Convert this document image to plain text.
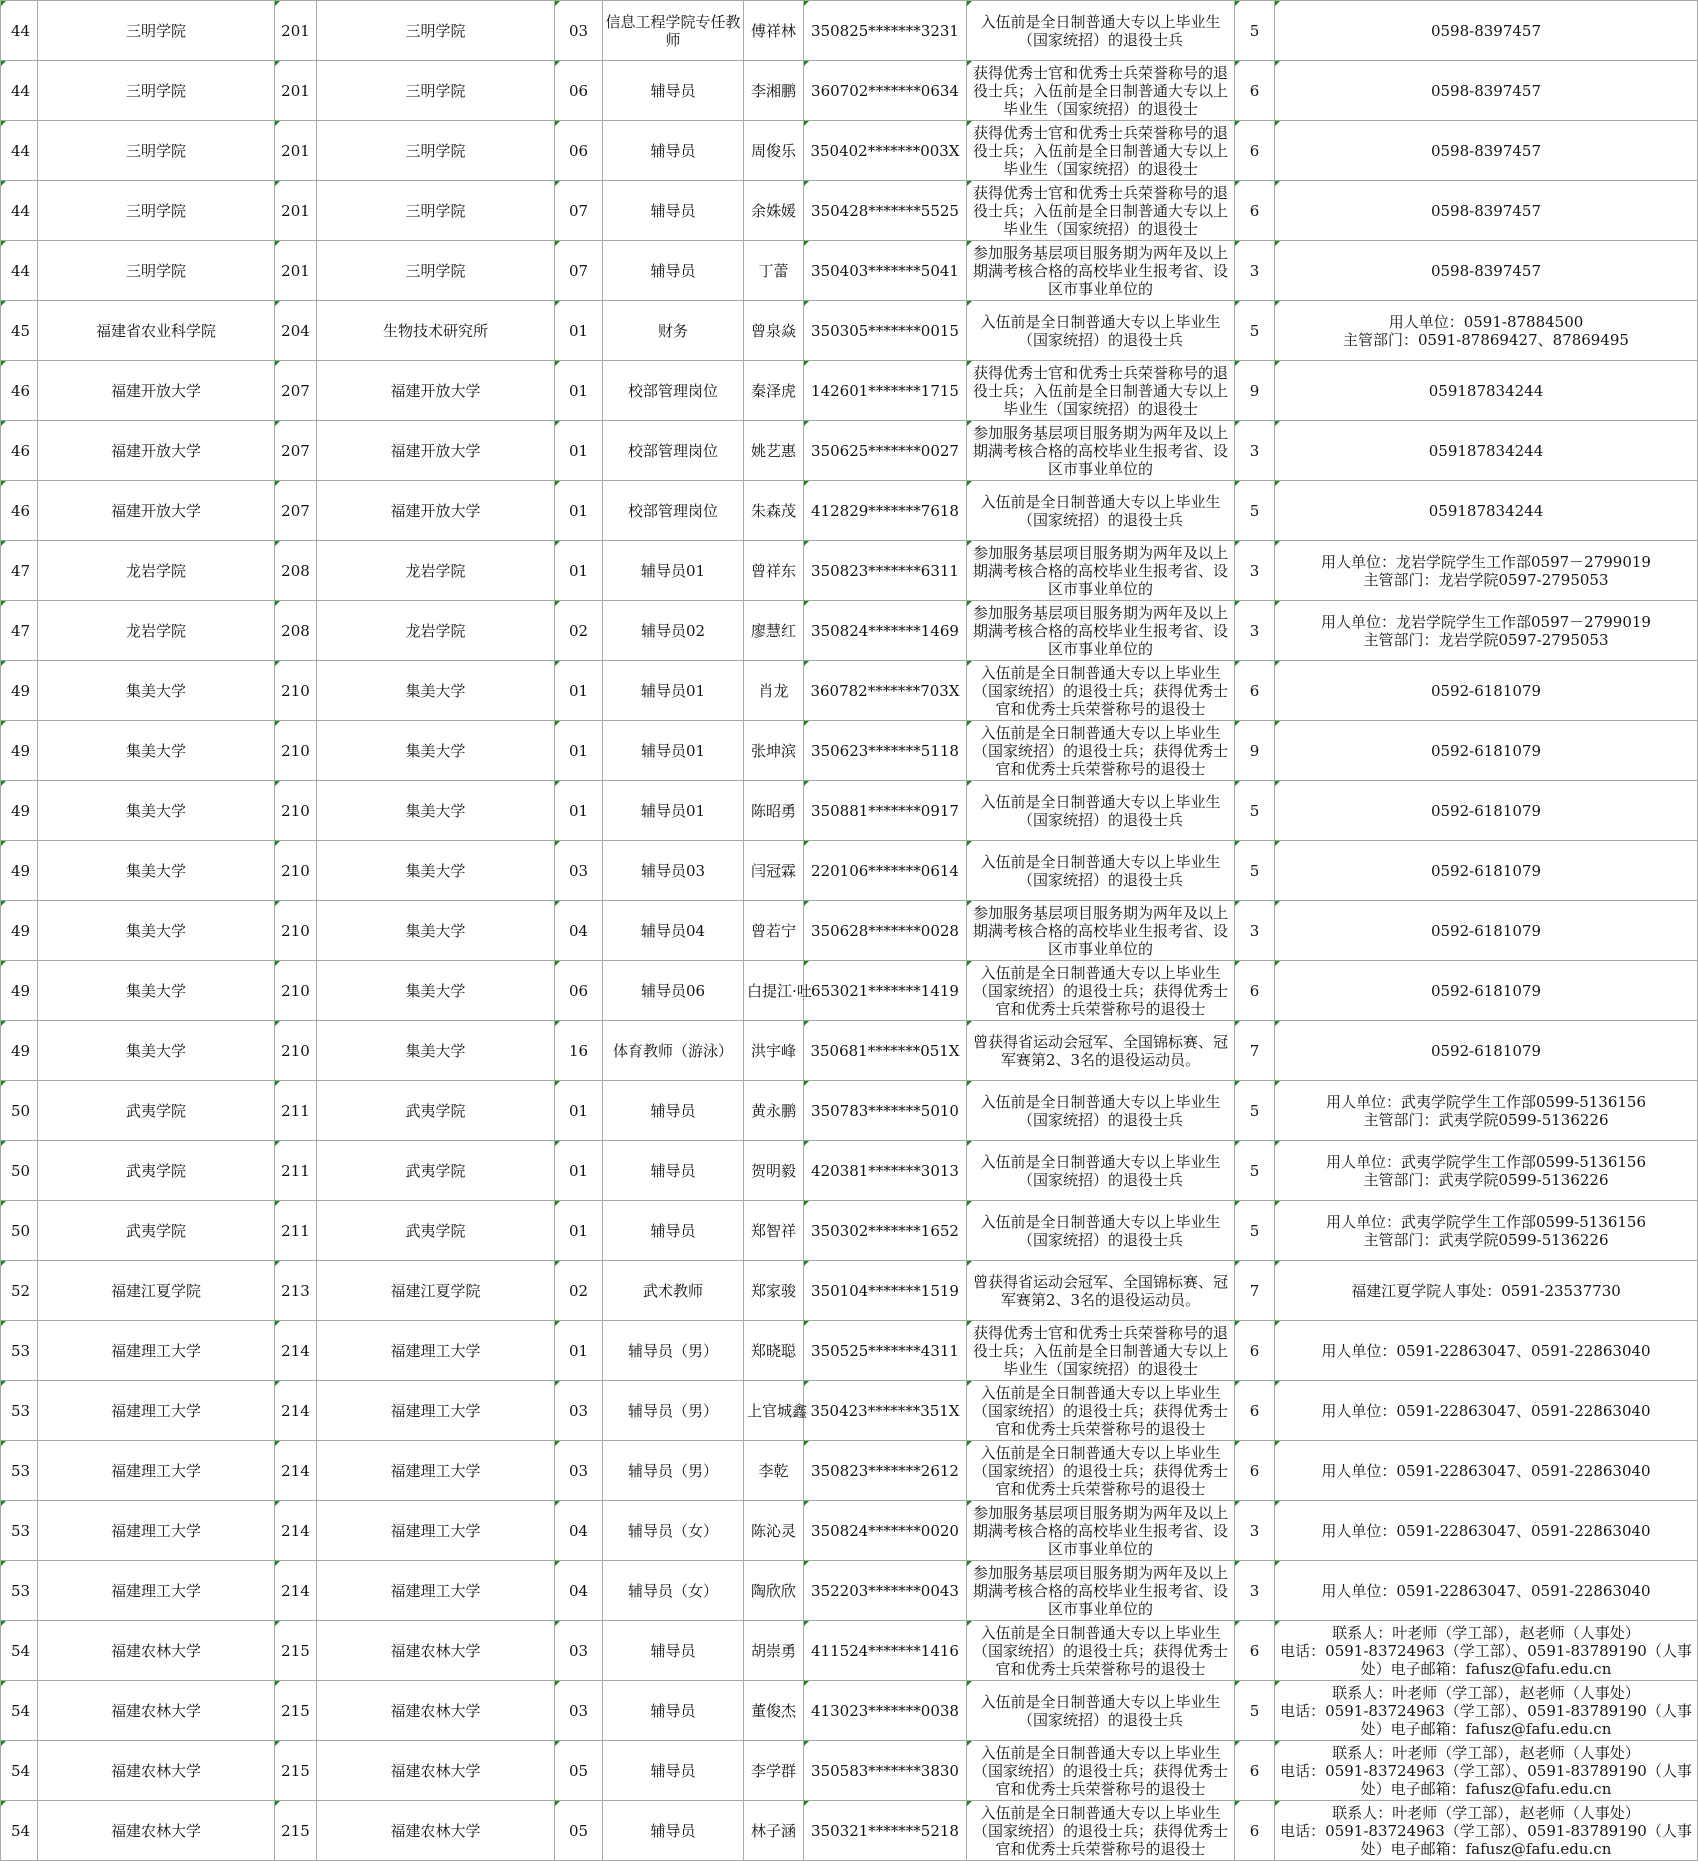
44	三明学院	201	三明学院	03	信息工程学院专任教师	傅祥林	350825*******3231	入伍前是全日制普通大专以上毕业生（国家统招）的退役士兵	5	0598-8397457
44	三明学院	201	三明学院	06	辅导员	李湘鹏	360702*******0634	获得优秀士官和优秀士兵荣誉称号的退役士兵；入伍前是全日制普通大专以上毕业生（国家统招）的退役士	6	0598-8397457
44	三明学院	201	三明学院	06	辅导员	周俊乐	350402*******003X	获得优秀士官和优秀士兵荣誉称号的退役士兵；入伍前是全日制普通大专以上毕业生（国家统招）的退役士	6	0598-8397457
44	三明学院	201	三明学院	07	辅导员	余姝媛	350428*******5525	获得优秀士官和优秀士兵荣誉称号的退役士兵；入伍前是全日制普通大专以上毕业生（国家统招）的退役士	6	0598-8397457
44	三明学院	201	三明学院	07	辅导员	丁蕾	350403*******5041	参加服务基层项目服务期为两年及以上期满考核合格的高校毕业生报考省、设区市事业单位的	3	0598-8397457
45	福建省农业科学院	204	生物技术研究所	01	财务	曾泉焱	350305*******0015	入伍前是全日制普通大专以上毕业生（国家统招）的退役士兵	5	用人单位：0591-87884500
主管部门：0591-87869427、87869495
46	福建开放大学	207	福建开放大学	01	校部管理岗位	秦泽虎	142601*******1715	获得优秀士官和优秀士兵荣誉称号的退役士兵；入伍前是全日制普通大专以上毕业生（国家统招）的退役士	9	059187834244
46	福建开放大学	207	福建开放大学	01	校部管理岗位	姚艺惠	350625*******0027	参加服务基层项目服务期为两年及以上期满考核合格的高校毕业生报考省、设区市事业单位的	3	059187834244
46	福建开放大学	207	福建开放大学	01	校部管理岗位	朱森茂	412829*******7618	入伍前是全日制普通大专以上毕业生（国家统招）的退役士兵	5	059187834244
47	龙岩学院	208	龙岩学院	01	辅导员01	曾祥东	350823*******6311	参加服务基层项目服务期为两年及以上期满考核合格的高校毕业生报考省、设区市事业单位的	3	用人单位：龙岩学院学生工作部0597－2799019
主管部门：龙岩学院0597-2795053
47	龙岩学院	208	龙岩学院	02	辅导员02	廖慧红	350824*******1469	参加服务基层项目服务期为两年及以上期满考核合格的高校毕业生报考省、设区市事业单位的	3	用人单位：龙岩学院学生工作部0597－2799019
主管部门：龙岩学院0597-2795053
49	集美大学	210	集美大学	01	辅导员01	肖龙	360782*******703X	入伍前是全日制普通大专以上毕业生（国家统招）的退役士兵；获得优秀士官和优秀士兵荣誉称号的退役士	6	0592-6181079
49	集美大学	210	集美大学	01	辅导员01	张坤滨	350623*******5118	入伍前是全日制普通大专以上毕业生（国家统招）的退役士兵；获得优秀士官和优秀士兵荣誉称号的退役士	9	0592-6181079
49	集美大学	210	集美大学	01	辅导员01	陈昭勇	350881*******0917	入伍前是全日制普通大专以上毕业生（国家统招）的退役士兵	5	0592-6181079
49	集美大学	210	集美大学	03	辅导员03	闫冠霖	220106*******0614	入伍前是全日制普通大专以上毕业生（国家统招）的退役士兵	5	0592-6181079
49	集美大学	210	集美大学	04	辅导员04	曾若宁	350628*******0028	参加服务基层项目服务期为两年及以上期满考核合格的高校毕业生报考省、设区市事业单位的	3	0592-6181079
49	集美大学	210	集美大学	06	辅导员06	白提江·吐	653021*******1419	入伍前是全日制普通大专以上毕业生（国家统招）的退役士兵；获得优秀士官和优秀士兵荣誉称号的退役士	6	0592-6181079
49	集美大学	210	集美大学	16	体育教师（游泳）	洪宇峰	350681*******051X	曾获得省运动会冠军、全国锦标赛、冠军赛第2、3名的退役运动员。	7	0592-6181079
50	武夷学院	211	武夷学院	01	辅导员	黄永鹏	350783*******5010	入伍前是全日制普通大专以上毕业生（国家统招）的退役士兵	5	用人单位：武夷学院学生工作部0599-5136156
主管部门：武夷学院0599-5136226
50	武夷学院	211	武夷学院	01	辅导员	贺明毅	420381*******3013	入伍前是全日制普通大专以上毕业生（国家统招）的退役士兵	5	用人单位：武夷学院学生工作部0599-5136156
主管部门：武夷学院0599-5136226
50	武夷学院	211	武夷学院	01	辅导员	郑智祥	350302*******1652	入伍前是全日制普通大专以上毕业生（国家统招）的退役士兵	5	用人单位：武夷学院学生工作部0599-5136156
主管部门：武夷学院0599-5136226
52	福建江夏学院	213	福建江夏学院	02	武术教师	郑家骏	350104*******1519	曾获得省运动会冠军、全国锦标赛、冠军赛第2、3名的退役运动员。	7	福建江夏学院人事处：0591-23537730
53	福建理工大学	214	福建理工大学	01	辅导员（男）	郑晓聪	350525*******4311	获得优秀士官和优秀士兵荣誉称号的退役士兵；入伍前是全日制普通大专以上毕业生（国家统招）的退役士	6	用人单位：0591-22863047、0591-22863040
53	福建理工大学	214	福建理工大学	03	辅导员（男）	上官城鑫	350423*******351X	入伍前是全日制普通大专以上毕业生（国家统招）的退役士兵；获得优秀士官和优秀士兵荣誉称号的退役士	6	用人单位：0591-22863047、0591-22863040
53	福建理工大学	214	福建理工大学	03	辅导员（男）	李乾	350823*******2612	入伍前是全日制普通大专以上毕业生（国家统招）的退役士兵；获得优秀士官和优秀士兵荣誉称号的退役士	6	用人单位：0591-22863047、0591-22863040
53	福建理工大学	214	福建理工大学	04	辅导员（女）	陈沁灵	350824*******0020	参加服务基层项目服务期为两年及以上期满考核合格的高校毕业生报考省、设区市事业单位的	3	用人单位：0591-22863047、0591-22863040
53	福建理工大学	214	福建理工大学	04	辅导员（女）	陶欣欣	352203*******0043	参加服务基层项目服务期为两年及以上期满考核合格的高校毕业生报考省、设区市事业单位的	3	用人单位：0591-22863047、0591-22863040
54	福建农林大学	215	福建农林大学	03	辅导员	胡崇勇	411524*******1416	入伍前是全日制普通大专以上毕业生（国家统招）的退役士兵；获得优秀士官和优秀士兵荣誉称号的退役士	6	联系人：叶老师（学工部），赵老师（人事处）
电话：0591-83724963（学工部）、0591-83789190（人事处）电子邮箱：fafusz@fafu.edu.cn
54	福建农林大学	215	福建农林大学	03	辅导员	董俊杰	413023*******0038	入伍前是全日制普通大专以上毕业生（国家统招）的退役士兵	5	联系人：叶老师（学工部），赵老师（人事处）
电话：0591-83724963（学工部）、0591-83789190（人事处）电子邮箱：fafusz@fafu.edu.cn
54	福建农林大学	215	福建农林大学	05	辅导员	李学群	350583*******3830	入伍前是全日制普通大专以上毕业生（国家统招）的退役士兵；获得优秀士官和优秀士兵荣誉称号的退役士	6	联系人：叶老师（学工部），赵老师（人事处）
电话：0591-83724963（学工部）、0591-83789190（人事处）电子邮箱：fafusz@fafu.edu.cn
54	福建农林大学	215	福建农林大学	05	辅导员	林子涵	350321*******5218	入伍前是全日制普通大专以上毕业生（国家统招）的退役士兵；获得优秀士官和优秀士兵荣誉称号的退役士	6	联系人：叶老师（学工部），赵老师（人事处）
电话：0591-83724963（学工部）、0591-83789190（人事处）电子邮箱：fafusz@fafu.edu.cn
